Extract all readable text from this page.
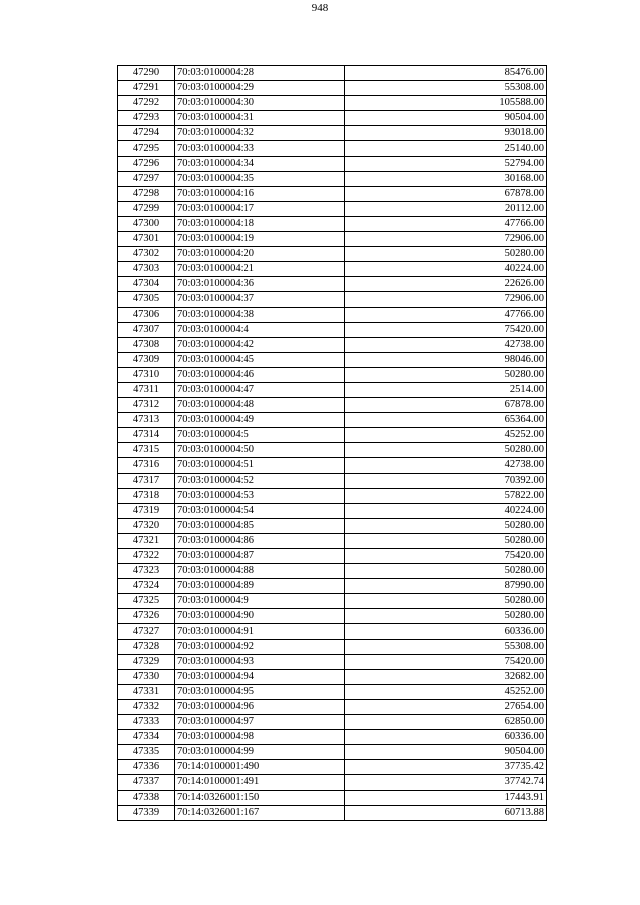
948
47290	70:03:0100004:28	85476.00
47291	70:03:0100004:29	55308.00
47292	70:03:0100004:30	105588.00
47293	70:03:0100004:31	90504.00
47294	70:03:0100004:32	93018.00
47295	70:03:0100004:33	25140.00
47296	70:03:0100004:34	52794.00
47297	70:03:0100004:35	30168.00
47298	70:03:0100004:16	67878.00
47299	70:03:0100004:17	20112.00
47300	70:03:0100004:18	47766.00
47301	70:03:0100004:19	72906.00
47302	70:03:0100004:20	50280.00
47303	70:03:0100004:21	40224.00
47304	70:03:0100004:36	22626.00
47305	70:03:0100004:37	72906.00
47306	70:03:0100004:38	47766.00
47307	70:03:0100004:4	75420.00
47308	70:03:0100004:42	42738.00
47309	70:03:0100004:45	98046.00
47310	70:03:0100004:46	50280.00
47311	70:03:0100004:47	2514.00
47312	70:03:0100004:48	67878.00
47313	70:03:0100004:49	65364.00
47314	70:03:0100004:5	45252.00
47315	70:03:0100004:50	50280.00
47316	70:03:0100004:51	42738.00
47317	70:03:0100004:52	70392.00
47318	70:03:0100004:53	57822.00
47319	70:03:0100004:54	40224.00
47320	70:03:0100004:85	50280.00
47321	70:03:0100004:86	50280.00
47322	70:03:0100004:87	75420.00
47323	70:03:0100004:88	50280.00
47324	70:03:0100004:89	87990.00
47325	70:03:0100004:9	50280.00
47326	70:03:0100004:90	50280.00
47327	70:03:0100004:91	60336.00
47328	70:03:0100004:92	55308.00
47329	70:03:0100004:93	75420.00
47330	70:03:0100004:94	32682.00
47331	70:03:0100004:95	45252.00
47332	70:03:0100004:96	27654.00
47333	70:03:0100004:97	62850.00
47334	70:03:0100004:98	60336.00
47335	70:03:0100004:99	90504.00
47336	70:14:0100001:490	37735.42
47337	70:14:0100001:491	37742.74
47338	70:14:0326001:150	17443.91
47339	70:14:0326001:167	60713.88
